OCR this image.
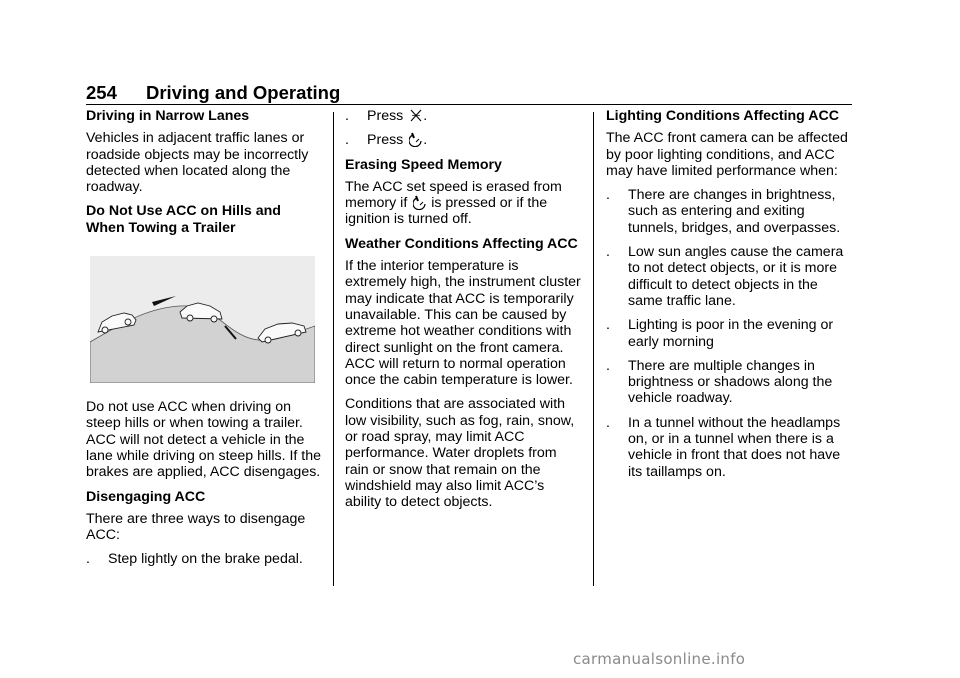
254 Driving and Operating
Driving in Narrow Lanes

Vehicles in adjacent traffic lanes or roadside objects may be incorrectly detected when located along the roadway.

Do Not Use ACC on Hills and When Towing a Trailer

Do not use ACC when driving on steep hills or when towing a trailer. ACC will not detect a vehicle in the lane while driving on steep hills. If the brakes are applied, ACC disengages.

Disengaging ACC

There are three ways to disengage ACC:

. Step lightly on the brake pedal.
. Press .
. Press .
Erasing Speed Memory

The ACC set speed is erased from memory if is pressed or if the ignition is turned off.

Weather Conditions Affecting ACC

If the interior temperature is extremely high, the instrument cluster may indicate that ACC is temporarily unavailable. This can be caused by extreme hot weather conditions with direct sunlight on the front camera. ACC will return to normal operation once the cabin temperature is lower.

Conditions that are associated with low visibility, such as fog, rain, snow, or road spray, may limit ACC performance. Water droplets from rain or snow that remain on the windshield may also limit ACC’s ability to detect objects.

Lighting Conditions Affecting ACC

The ACC front camera can be affected by poor lighting conditions, and ACC may have limited performance when:

. There are changes in brightness, such as entering and exiting tunnels, bridges, and overpasses.
. Low sun angles cause the camera to not detect objects, or it is more difficult to detect objects in the same traffic lane.
. Lighting is poor in the evening or early morning
. There are multiple changes in brightness or shadows along the vehicle roadway.
. In a tunnel without the headlamps on, or in a tunnel when there is a vehicle in front that does not have its taillamps on.
carmanualsonline.info
